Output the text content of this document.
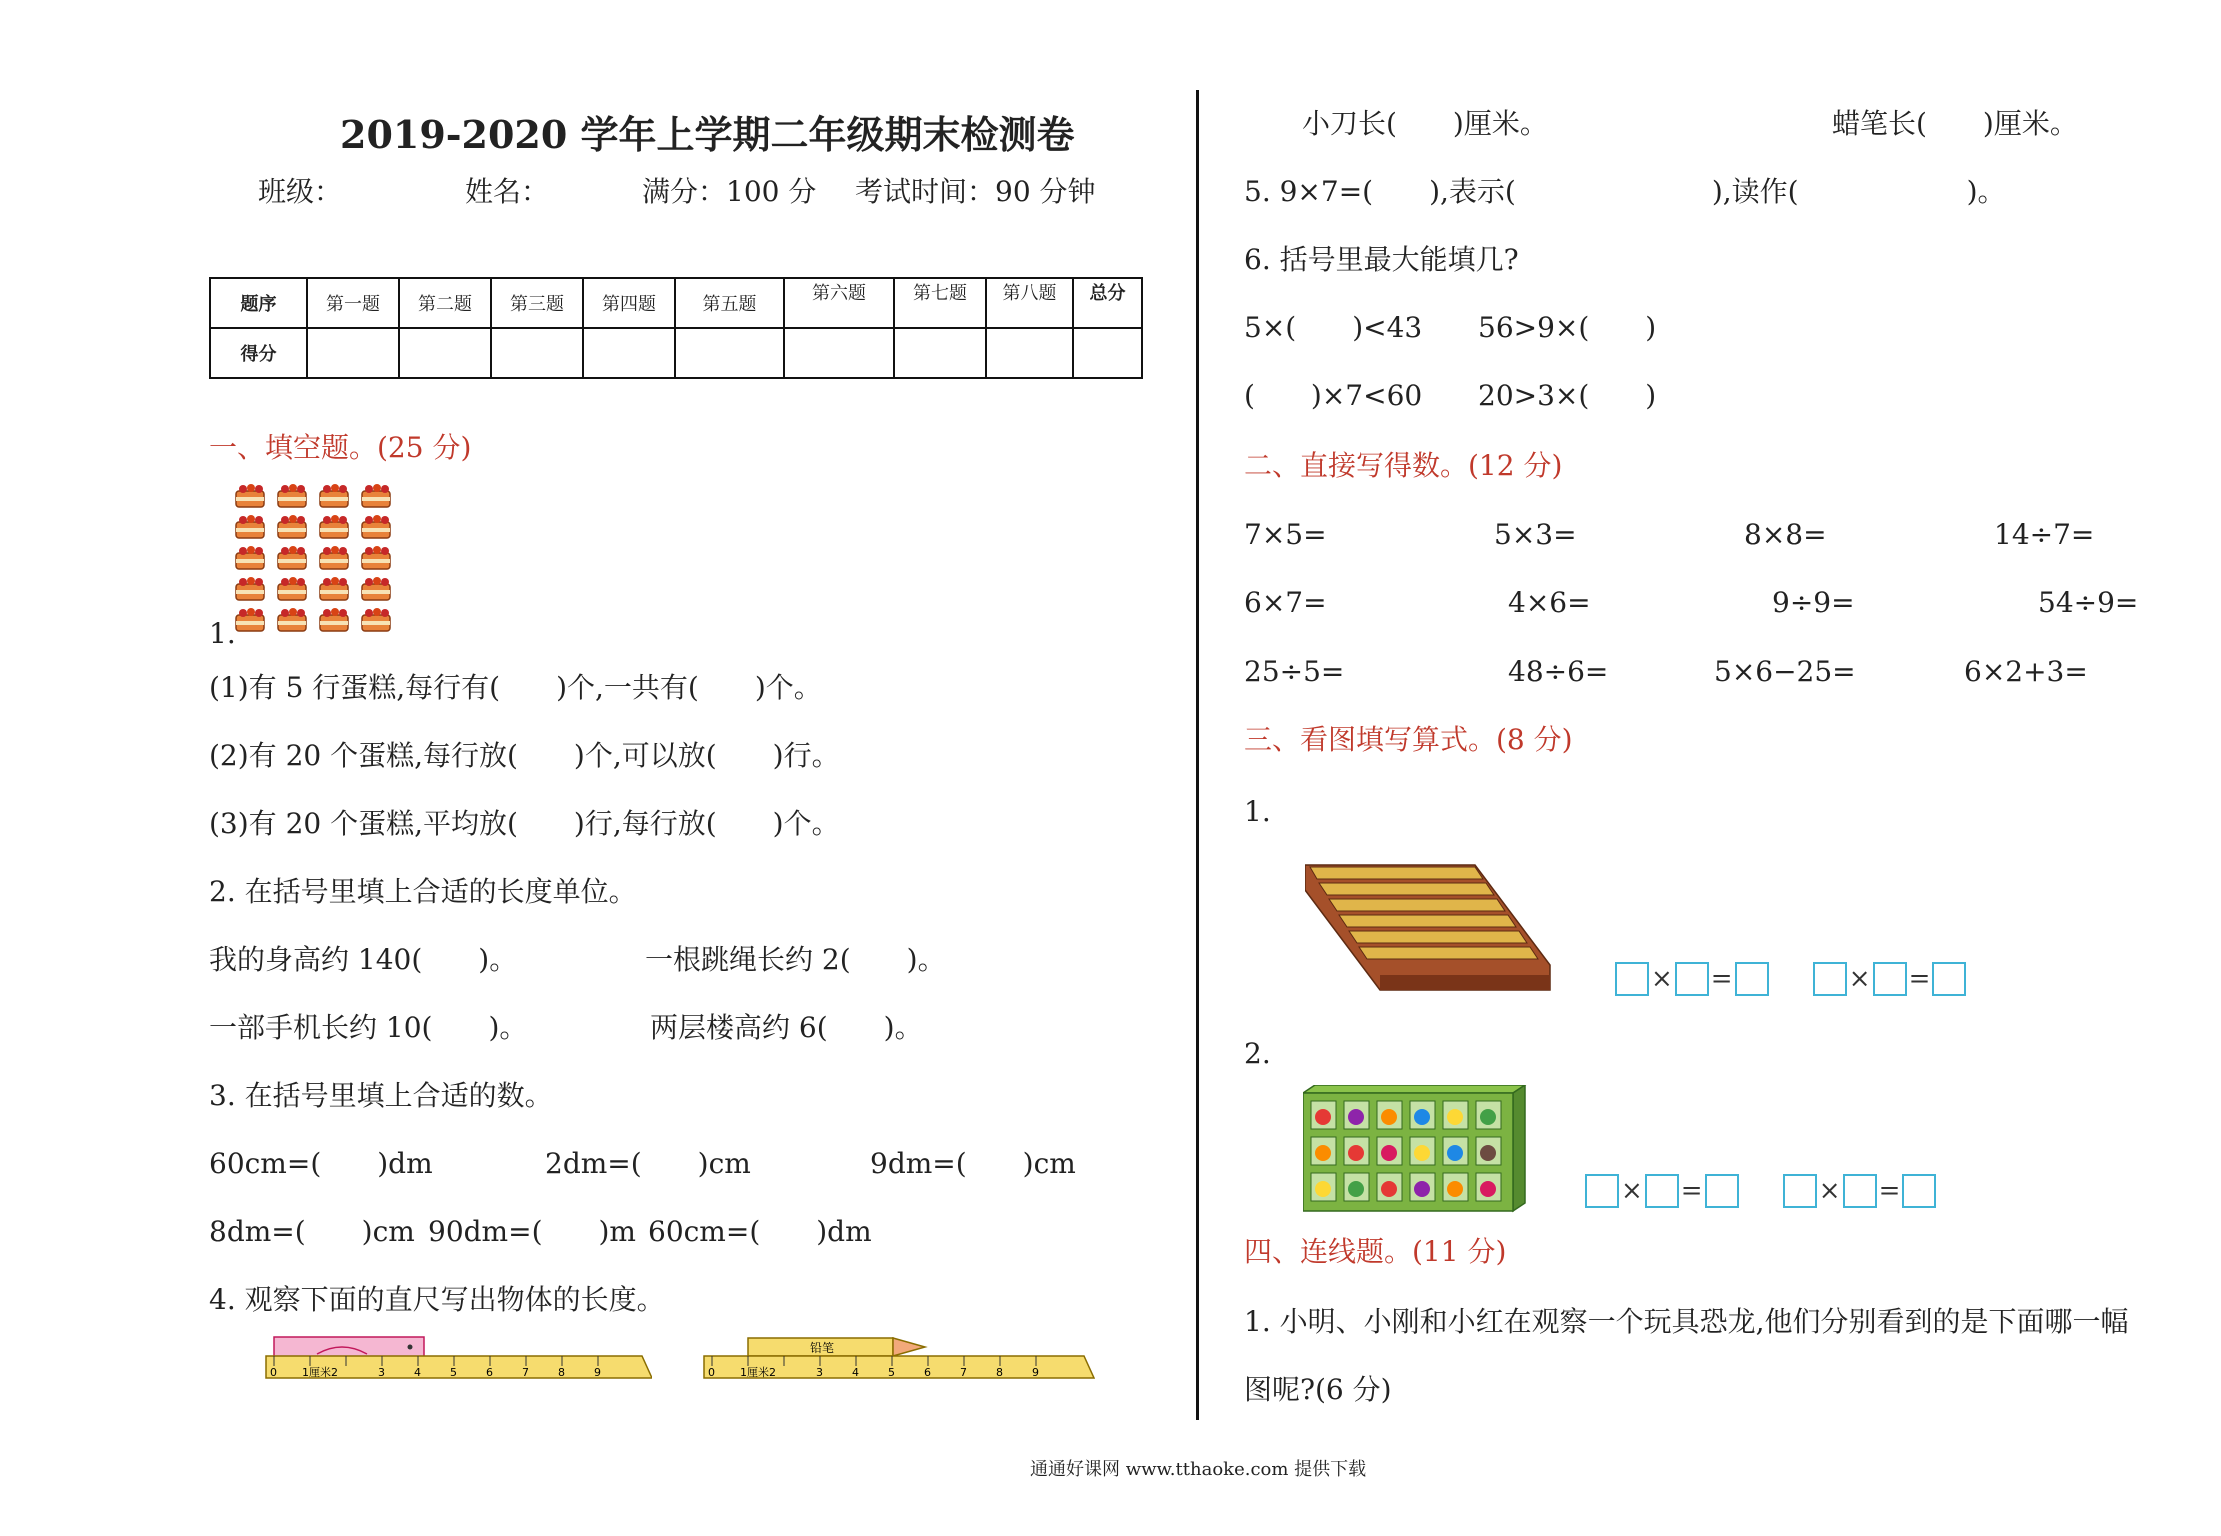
2019-2020 学年上学期二年级期末检测卷
班级：	姓名：	满分：100 分 考试时间：90 分钟
题序	第一题	第二题	第三题	第四题	第五题	第六题	第七题	第八题	总分
得分									
一、填空题。(25 分)
1.
(1)有 5 行蛋糕,每行有(　　)个,一共有(　　)个。
(2)有 20 个蛋糕,每行放(　　)个,可以放(　　)行。
(3)有 20 个蛋糕,平均放(　　)行,每行放(　　)个。
2. 在括号里填上合适的长度单位。
我的身高约 140(　　)。	一根跳绳长约 2(　　)。
一部手机长约 10(　　)。	两层楼高约 6(　　)。
3. 在括号里填上合适的数。
60cm=(　　)dm	2dm=(　　)cm	9dm=(　　)cm
8dm=(　　)cm 90dm=(　　)m 60cm=(　　)dm
4. 观察下面的直尺写出物体的长度。
0 1厘米2	3	4	5	6	7	8	9
铅笔
0 1厘米2	3	4	5	6	7	8	9
小刀长(　　)厘米。	蜡笔长(　　)厘米。
5. 9×7=(　　),表示(　　　　　　　),读作(　　　　　　)。
6. 括号里最大能填几?
5×(　　)<43 56>9×(　　)
(　　)×7<60 20>3×(　　)
二、直接写得数。(12 分)
7×5=	5×3=	8×8=	14÷7=
6×7=	4×6=	9÷9=	54÷9=
25÷5=	48÷6=	5×6−25=	6×2+3=
三、看图填写算式。(8 分)
1.
× =	× =
2.
× =	× =
四、连线题。(11 分)
1. 小明、小刚和小红在观察一个玩具恐龙,他们分别看到的是下面哪一幅
图呢?(6 分)
通通好课网 www.tthaoke.com 提供下载
